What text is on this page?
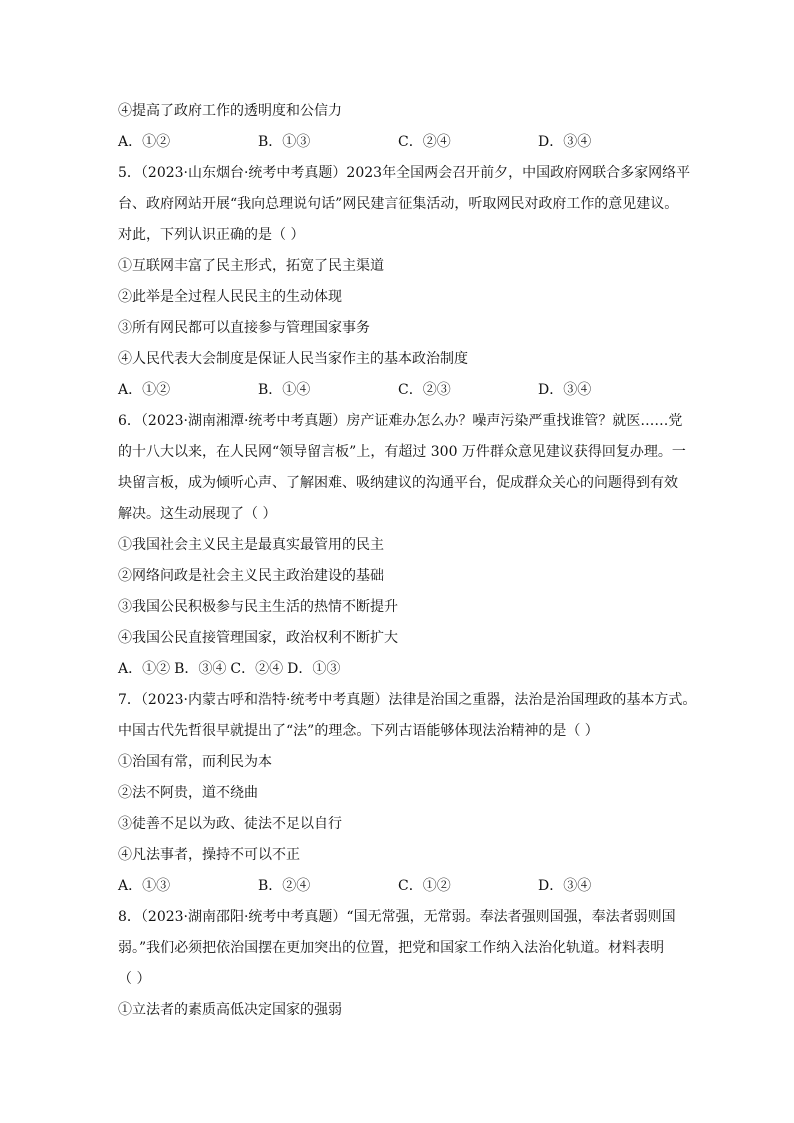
④提高了政府工作的透明度和公信力
A．①②	B．①③	C．②④	D．③④
5．（2023·山东烟台·统考中考真题）2023年全国两会召开前夕，中国政府网联合多家网络平
台、政府网站开展“我向总理说句话”网民建言征集活动，听取网民对政府工作的意见建议。
对此，下列认识正确的是（ ）
①互联网丰富了民主形式，拓宽了民主渠道
②此举是全过程人民民主的生动体现
③所有网民都可以直接参与管理国家事务
④人民代表大会制度是保证人民当家作主的基本政治制度
A．①②	B．①④	C．②③	D．③④
6．（2023·湖南湘潭·统考中考真题）房产证难办怎么办？噪声污染严重找谁管？就医……党
的十八大以来，在人民网“领导留言板”上，有超过 300 万件群众意见建议获得回复办理。一
块留言板，成为倾听心声、了解困难、吸纳建议的沟通平台，促成群众关心的问题得到有效
解决。这生动展现了（ ）
①我国社会主义民主是最真实最管用的民主
②网络问政是社会主义民主政治建设的基础
③我国公民积极参与民主生活的热情不断提升
④我国公民直接管理国家，政治权利不断扩大
A．①② B．③④ C．②④ D．①③
7．（2023·内蒙古呼和浩特·统考中考真题）法律是治国之重器，法治是治国理政的基本方式。
中国古代先哲很早就提出了“法”的理念。下列古语能够体现法治精神的是（ ）
①治国有常，而利民为本
②法不阿贵，道不绕曲
③徒善不足以为政、徒法不足以自行
④凡法事者，操持不可以不正
A．①③	B．②④	C．①②	D．③④
8．（2023·湖南邵阳·统考中考真题）“国无常强，无常弱。奉法者强则国强，奉法者弱则国
弱。”我们必须把依治国摆在更加突出的位置，把党和国家工作纳入法治化轨道。材料表明
（ ）
①立法者的素质高低决定国家的强弱
